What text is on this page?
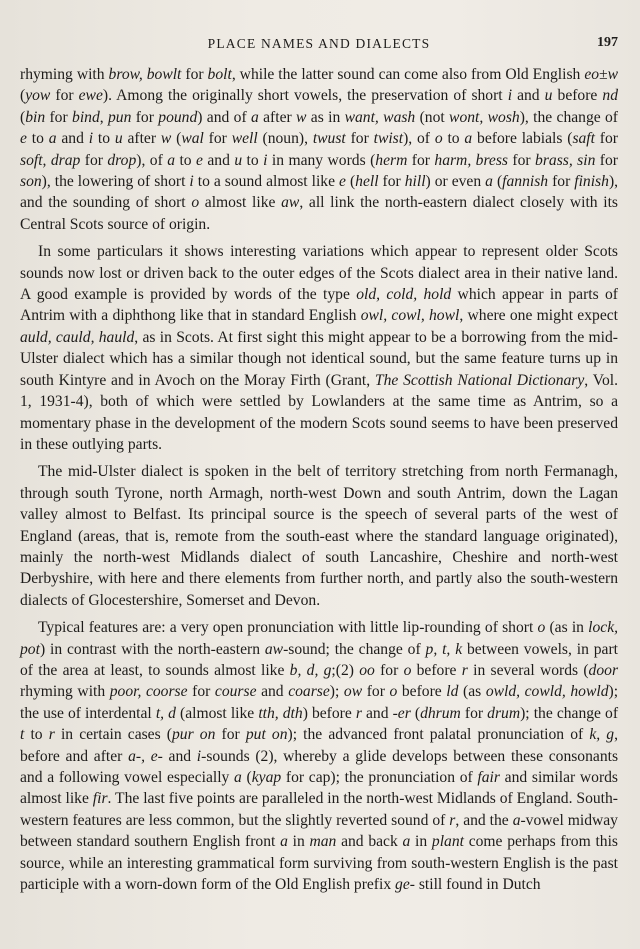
PLACE NAMES AND DIALECTS	197

rhyming with brow, bowlt for bolt, while the latter sound can come also from Old English eo±w (yow for ewe). Among the originally short vowels, the preservation of short i and u before nd (bin for bind, pun for pound) and of a after w as in want, wash (not wont, wosh), the change of e to a and i to u after w (wal for well (noun), twust for twist), of o to a before labials (saft for soft, drap for drop), of a to e and u to i in many words (herm for harm, bress for brass, sin for son), the lowering of short i to a sound almost like e (hell for hill) or even a (fannish for finish), and the sounding of short o almost like aw, all link the north-eastern dialect closely with its Central Scots source of origin.

In some particulars it shows interesting variations which appear to represent older Scots sounds now lost or driven back to the outer edges of the Scots dialect area in their native land. A good example is provided by words of the type old, cold, hold which appear in parts of Antrim with a diphthong like that in standard English owl, cowl, howl, where one might expect auld, cauld, hauld, as in Scots. At first sight this might appear to be a borrowing from the mid-Ulster dialect which has a similar though not identical sound, but the same feature turns up in south Kintyre and in Avoch on the Moray Firth (Grant, The Scottish National Dictionary, Vol. 1, 1931-4), both of which were settled by Lowlanders at the same time as Antrim, so a momentary phase in the development of the modern Scots sound seems to have been preserved in these outlying parts.

The mid-Ulster dialect is spoken in the belt of territory stretching from north Fermanagh, through south Tyrone, north Armagh, north-west Down and south Antrim, down the Lagan valley almost to Belfast. Its principal source is the speech of several parts of the west of England (areas, that is, remote from the south-east where the standard language originated), mainly the north-west Midlands dialect of south Lancashire, Cheshire and north-west Derbyshire, with here and there elements from further north, and partly also the south-western dialects of Glocestershire, Somerset and Devon.

Typical features are: a very open pronunciation with little lip-rounding of short o (as in lock, pot) in contrast with the north-eastern aw-sound; the change of p, t, k between vowels, in part of the area at least, to sounds almost like b, d, g;(2) oo for o before r in several words (door rhyming with poor, coorse for course and coarse); ow for o before ld (as owld, cowld, howld); the use of interdental t, d (almost like tth, dth) before r and -er (dhrum for drum); the change of t to r in certain cases (pur on for put on); the advanced front palatal pronunciation of k, g, before and after a-, e- and i-sounds (2), whereby a glide develops between these consonants and a following vowel especially a (kyap for cap); the pronunciation of fair and similar words almost like fir. The last five points are paralleled in the north-west Midlands of England. South-western features are less common, but the slightly reverted sound of r, and the a-vowel midway between standard southern English front a in man and back a in plant come perhaps from this source, while an interesting grammatical form surviving from south-western English is the past participle with a worn-down form of the Old English prefix ge- still found in Dutch
